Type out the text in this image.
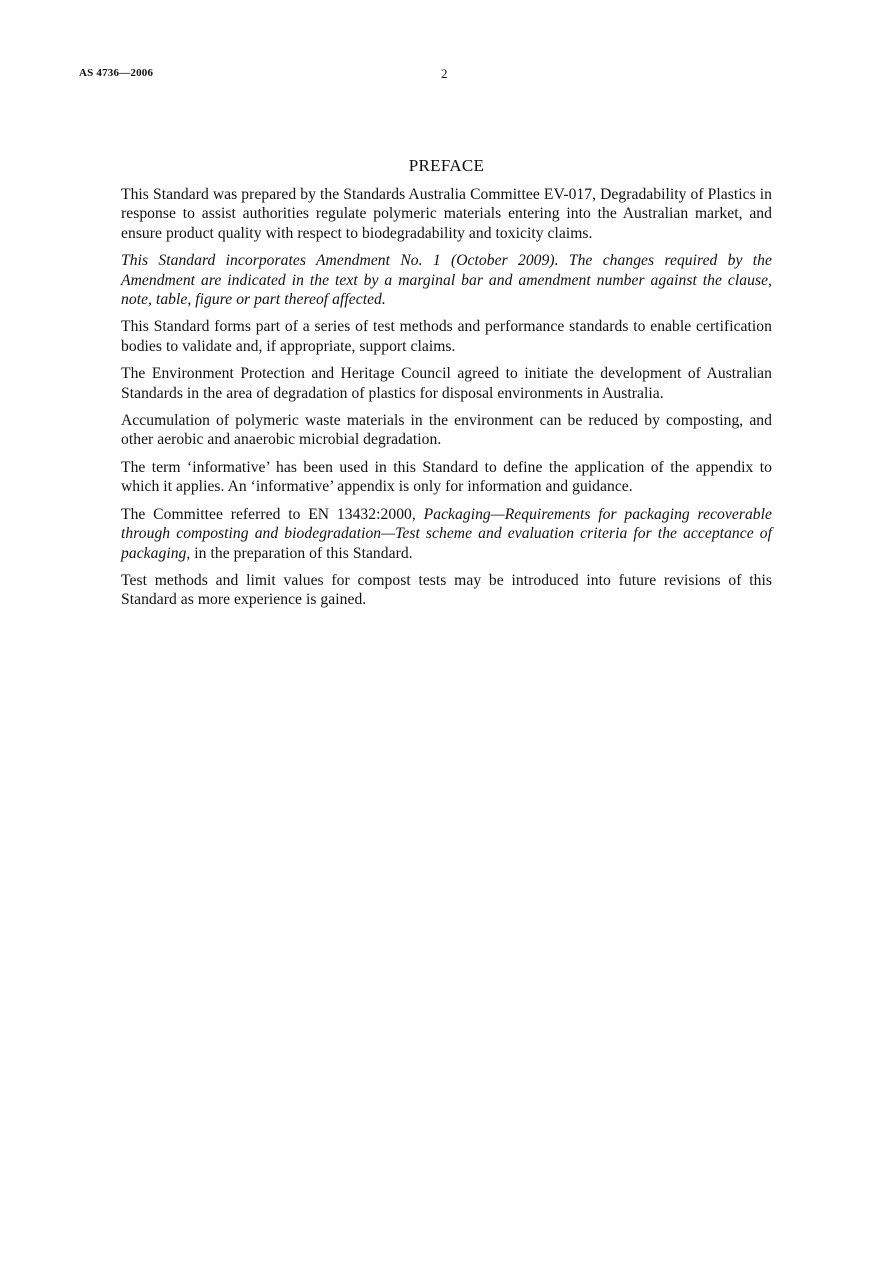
AS 4736—2006	2
PREFACE

This Standard was prepared by the Standards Australia Committee EV-017, Degradability of Plastics in response to assist authorities regulate polymeric materials entering into the Australian market, and ensure product quality with respect to biodegradability and toxicity claims.

This Standard incorporates Amendment No. 1 (October 2009). The changes required by the Amendment are indicated in the text by a marginal bar and amendment number against the clause, note, table, figure or part thereof affected.

This Standard forms part of a series of test methods and performance standards to enable certification bodies to validate and, if appropriate, support claims.

The Environment Protection and Heritage Council agreed to initiate the development of Australian Standards in the area of degradation of plastics for disposal environments in Australia.

Accumulation of polymeric waste materials in the environment can be reduced by composting, and other aerobic and anaerobic microbial degradation.

The term ‘informative’ has been used in this Standard to define the application of the appendix to which it applies. An ‘informative’ appendix is only for information and guidance.

The Committee referred to EN 13432:2000, Packaging—Requirements for packaging recoverable through composting and biodegradation—Test scheme and evaluation criteria for the acceptance of packaging, in the preparation of this Standard.

Test methods and limit values for compost tests may be introduced into future revisions of this Standard as more experience is gained.
